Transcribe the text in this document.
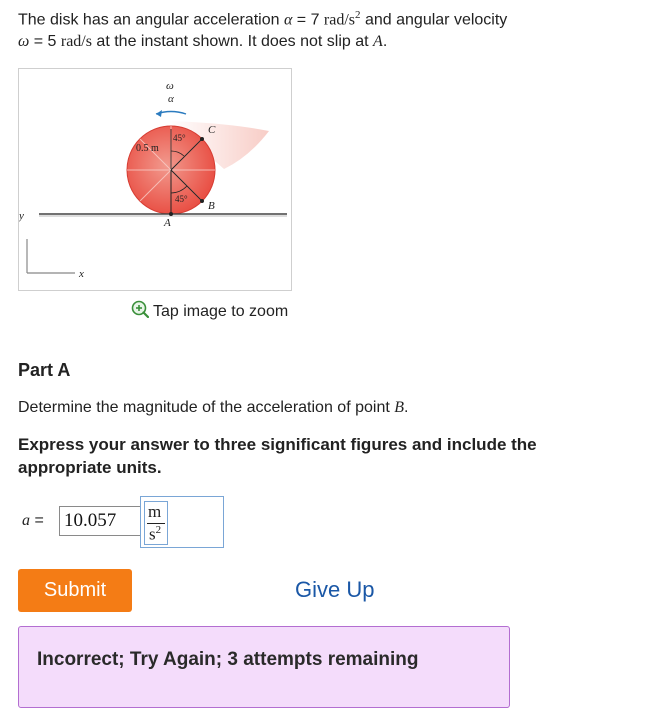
The disk has an angular acceleration α = 7 rad/$s^2$ and angular velocity
ω = 5 rad/s at the instant shown. It does not slip at A.
ω
α
0.5 m
45°
45°
C
B
A
y
x
Tap image to zoom
Part A
Determine the magnitude of the acceleration of point B.
Express your answer to three significant figures and include the appropriate units.
a =
10.057	m
$s^2$
Submit	Give Up
Incorrect; Try Again; 3 attempts remaining
